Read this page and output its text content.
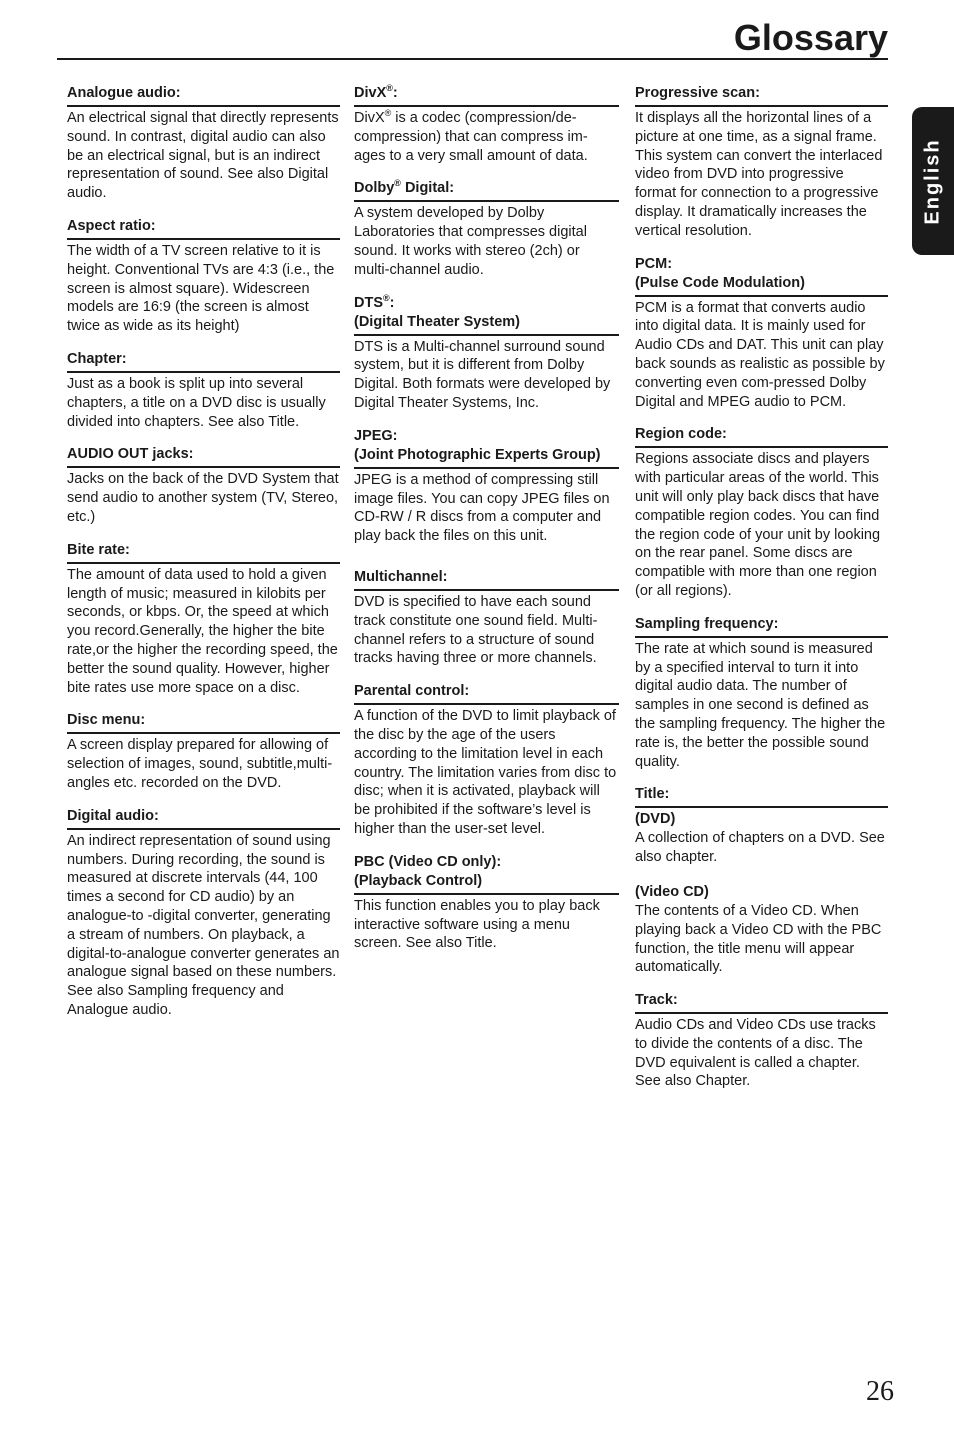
Glossary
English
Analogue audio:
An electrical signal that directly represents sound. In contrast, digital audio can also be an electrical signal, but is an indirect representation of sound. See also Digital audio.
Aspect ratio:
The width of a TV screen relative to it is height. Conventional TVs are 4:3 (i.e., the screen is almost square). Widescreen models are 16:9 (the screen is almost twice as wide as its height)
Chapter:
Just as a book is split up into several chapters, a title on a DVD disc is usually divided into chapters. See also Title.
AUDIO OUT jacks:
Jacks on the back of the DVD System that send audio to another system (TV, Stereo, etc.)
Bite rate:
The amount of data used to hold a given length of music; measured in kilobits per seconds, or kbps. Or, the speed at which you record.Generally, the higher the bite rate,or the higher the recording speed, the better the sound quality. However, higher bite rates use more space on a disc.
Disc menu:
A screen display prepared for allowing of selection of images, sound, subtitle,multi-angles etc. recorded on the DVD.
Digital audio:
An indirect representation of sound using numbers. During recording, the sound is measured at discrete intervals (44, 100 times a second for CD audio) by an analogue-to -digital converter, generating a stream of numbers. On playback, a digital-to-analogue converter generates an analogue signal based on these numbers. See also Sampling frequency and Analogue audio.
DivX®:
DivX® is a codec (compression/de-compression) that can compress im-ages to a very small amount of data.
Dolby® Digital:
A system developed by Dolby Laboratories that compresses digital sound. It works with stereo (2ch) or multi-channel audio.
DTS®:
(Digital Theater System)
DTS is a Multi-channel surround sound system, but it is different from Dolby Digital. Both formats were developed by Digital Theater Systems, Inc.
JPEG:
(Joint Photographic Experts Group)
JPEG is a method of compressing still image files. You can copy JPEG files on CD-RW / R discs from a computer and play back the files on this unit.
Multichannel:
DVD is specified to have each sound track constitute one sound field. Multi-channel refers to a structure of sound tracks having three or more channels.
Parental control:
A function of the DVD to limit playback of the disc by the age of the users according to the limitation level in each country. The limitation varies from disc to disc; when it is activated, playback will be prohibited if the software’s level is higher than the user-set level.
PBC (Video CD only):
(Playback Control)
This function enables you to play back interactive software using a menu screen. See also Title.
Progressive scan:
It displays all the horizontal lines of a picture at one time, as a signal frame. This system can convert the interlaced video from DVD into progressive format for connection to a progressive display. It dramatically increases the vertical resolution.
PCM:
(Pulse Code Modulation)
PCM is a format that converts audio into digital data. It is mainly used for Audio CDs and DAT. This unit can play back sounds as realistic as possible by converting even com-pressed Dolby Digital and MPEG audio to PCM.
Region code:
Regions associate discs and players with particular areas of the world. This unit will only play back discs that have compatible region codes. You can find the region code of your unit by looking on the rear panel. Some discs are compatible with more than one region (or all regions).
Sampling frequency:
The rate at which sound is measured by a specified interval to turn it into digital audio data. The number of samples in one second is defined as the sampling frequency. The higher the rate is, the better the possible sound quality.
Title:
(DVD)
A collection of chapters on a DVD. See also chapter.
(Video CD)
The contents of a Video CD. When playing back a Video CD with the PBC function, the title menu will appear automatically.
Track:
Audio CDs and Video CDs use tracks to divide the contents of a disc. The DVD equivalent is called a chapter. See also Chapter.
26
